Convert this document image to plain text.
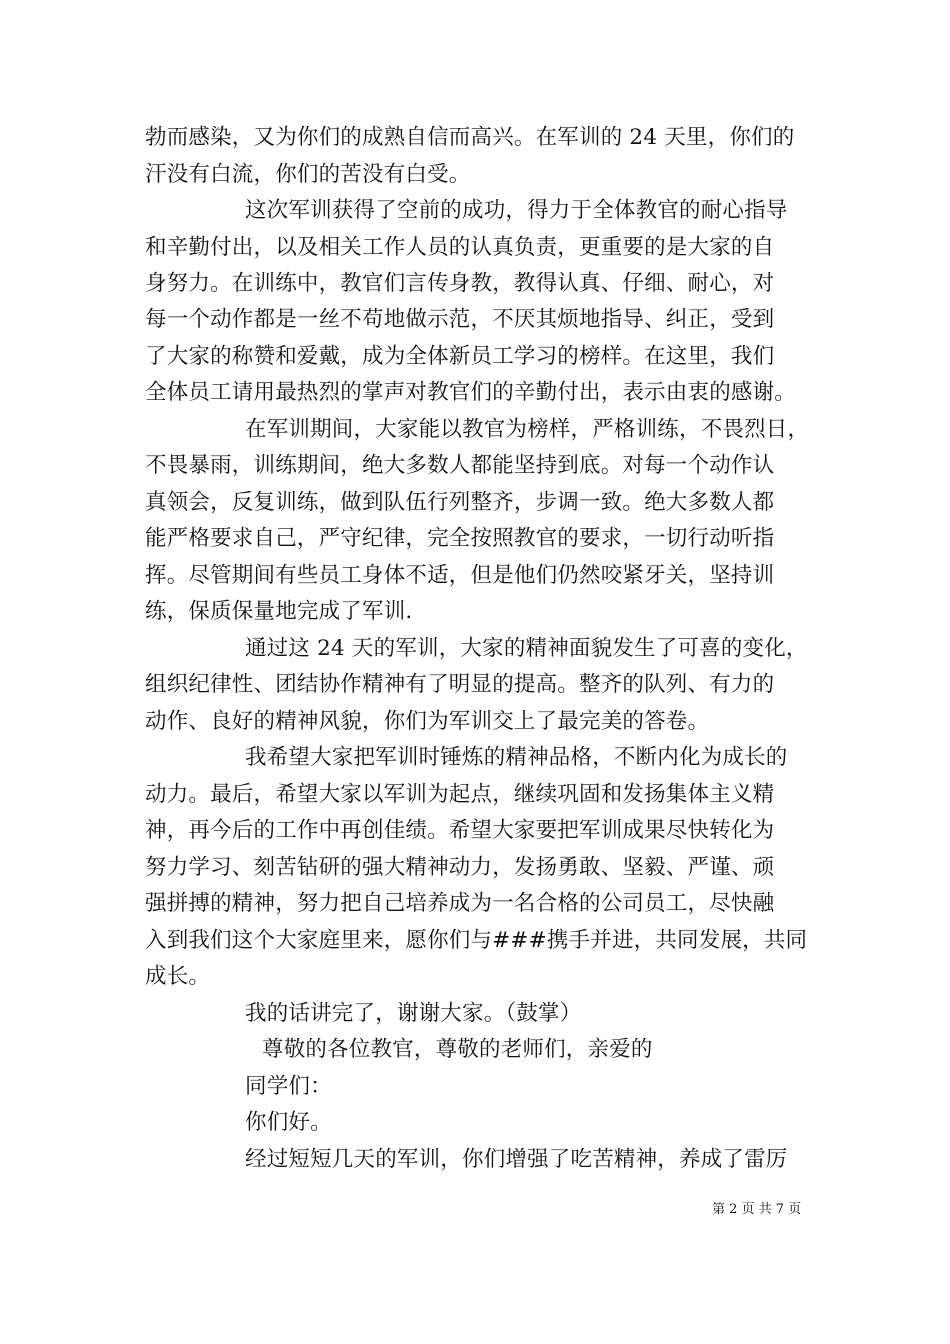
勃而感染，又为你们的成熟自信而高兴。在军训的 24 天里，你们的
汗没有白流，你们的苦没有白受。
这次军训获得了空前的成功，得力于全体教官的耐心指导
和辛勤付出，以及相关工作人员的认真负责，更重要的是大家的自
身努力。在训练中，教官们言传身教，教得认真、仔细、耐心，对
每一个动作都是一丝不苟地做示范，不厌其烦地指导、纠正，受到
了大家的称赞和爱戴，成为全体新员工学习的榜样。在这里，我们
全体员工请用最热烈的掌声对教官们的辛勤付出，表示由衷的感谢。
在军训期间，大家能以教官为榜样，严格训练，不畏烈日，
不畏暴雨，训练期间，绝大多数人都能坚持到底。对每一个动作认
真领会，反复训练，做到队伍行列整齐，步调一致。绝大多数人都
能严格要求自己，严守纪律，完全按照教官的要求，一切行动听指
挥。尽管期间有些员工身体不适，但是他们仍然咬紧牙关，坚持训
练，保质保量地完成了军训.
通过这 24 天的军训，大家的精神面貌发生了可喜的变化，
组织纪律性、团结协作精神有了明显的提高。整齐的队列、有力的
动作、良好的精神风貌，你们为军训交上了最完美的答卷。
我希望大家把军训时锤炼的精神品格，不断内化为成长的
动力。最后，希望大家以军训为起点，继续巩固和发扬集体主义精
神，再今后的工作中再创佳绩。希望大家要把军训成果尽快转化为
努力学习、刻苦钻研的强大精神动力，发扬勇敢、坚毅、严谨、顽
强拼搏的精神，努力把自己培养成为一名合格的公司员工，尽快融
入到我们这个大家庭里来，愿你们与###携手并进，共同发展，共同
成长。
我的话讲完了，谢谢大家。（鼓掌）
尊敬的各位教官，尊敬的老师们，亲爱的
同学们：
你们好。
经过短短几天的军训，你们增强了吃苦精神，养成了雷厉
第 2 页 共 7 页
